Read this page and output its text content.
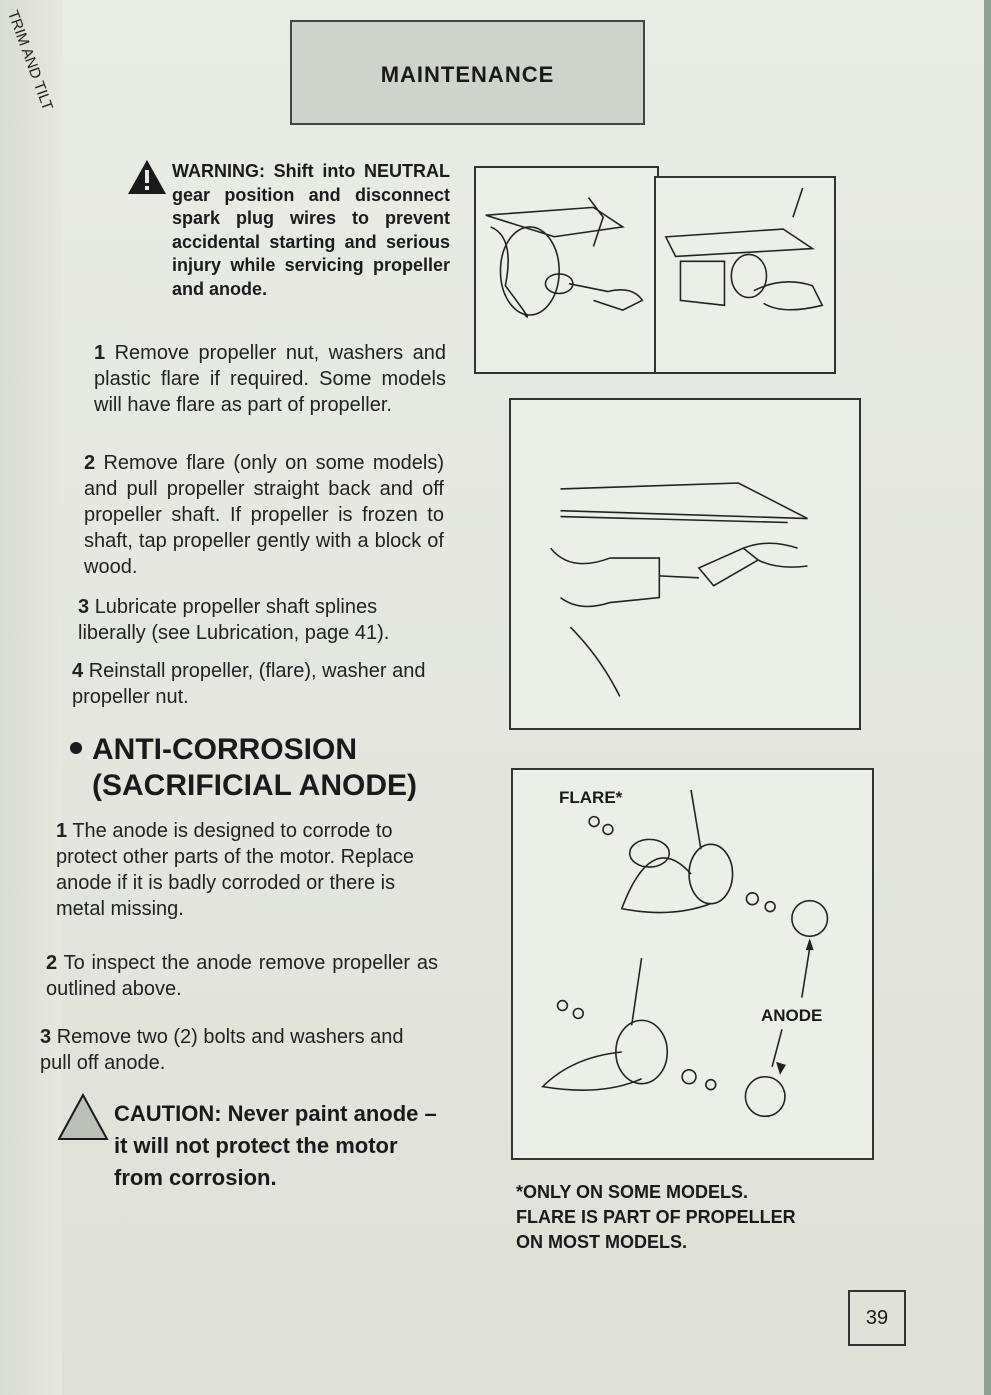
TRIM AND TILT	MAINTENANCE
WARNING: Shift into NEUTRAL gear position and disconnect spark plug wires to prevent accidental starting and serious injury while servicing propeller and anode.
1 Remove propeller nut, washers and plastic flare if required. Some models will have flare as part of propeller.
2 Remove flare (only on some models) and pull propeller straight back and off propeller shaft. If propeller is frozen to shaft, tap propeller gently with a block of wood.
3 Lubricate propeller shaft splines liberally (see Lubrication, page 41).
4 Reinstall propeller, (flare), washer and propeller nut.
ANTI-CORROSION
(SACRIFICIAL ANODE)
1 The anode is designed to corrode to protect other parts of the motor. Replace anode if it is badly corroded or there is metal missing.
2 To inspect the anode remove propeller as outlined above.
3 Remove two (2) bolts and washers and pull off anode.
CAUTION: Never paint anode – it will not protect the motor from corrosion.
FLARE*
ANODE
*ONLY ON SOME MODELS.
FLARE IS PART OF PROPELLER
ON MOST MODELS.
39
